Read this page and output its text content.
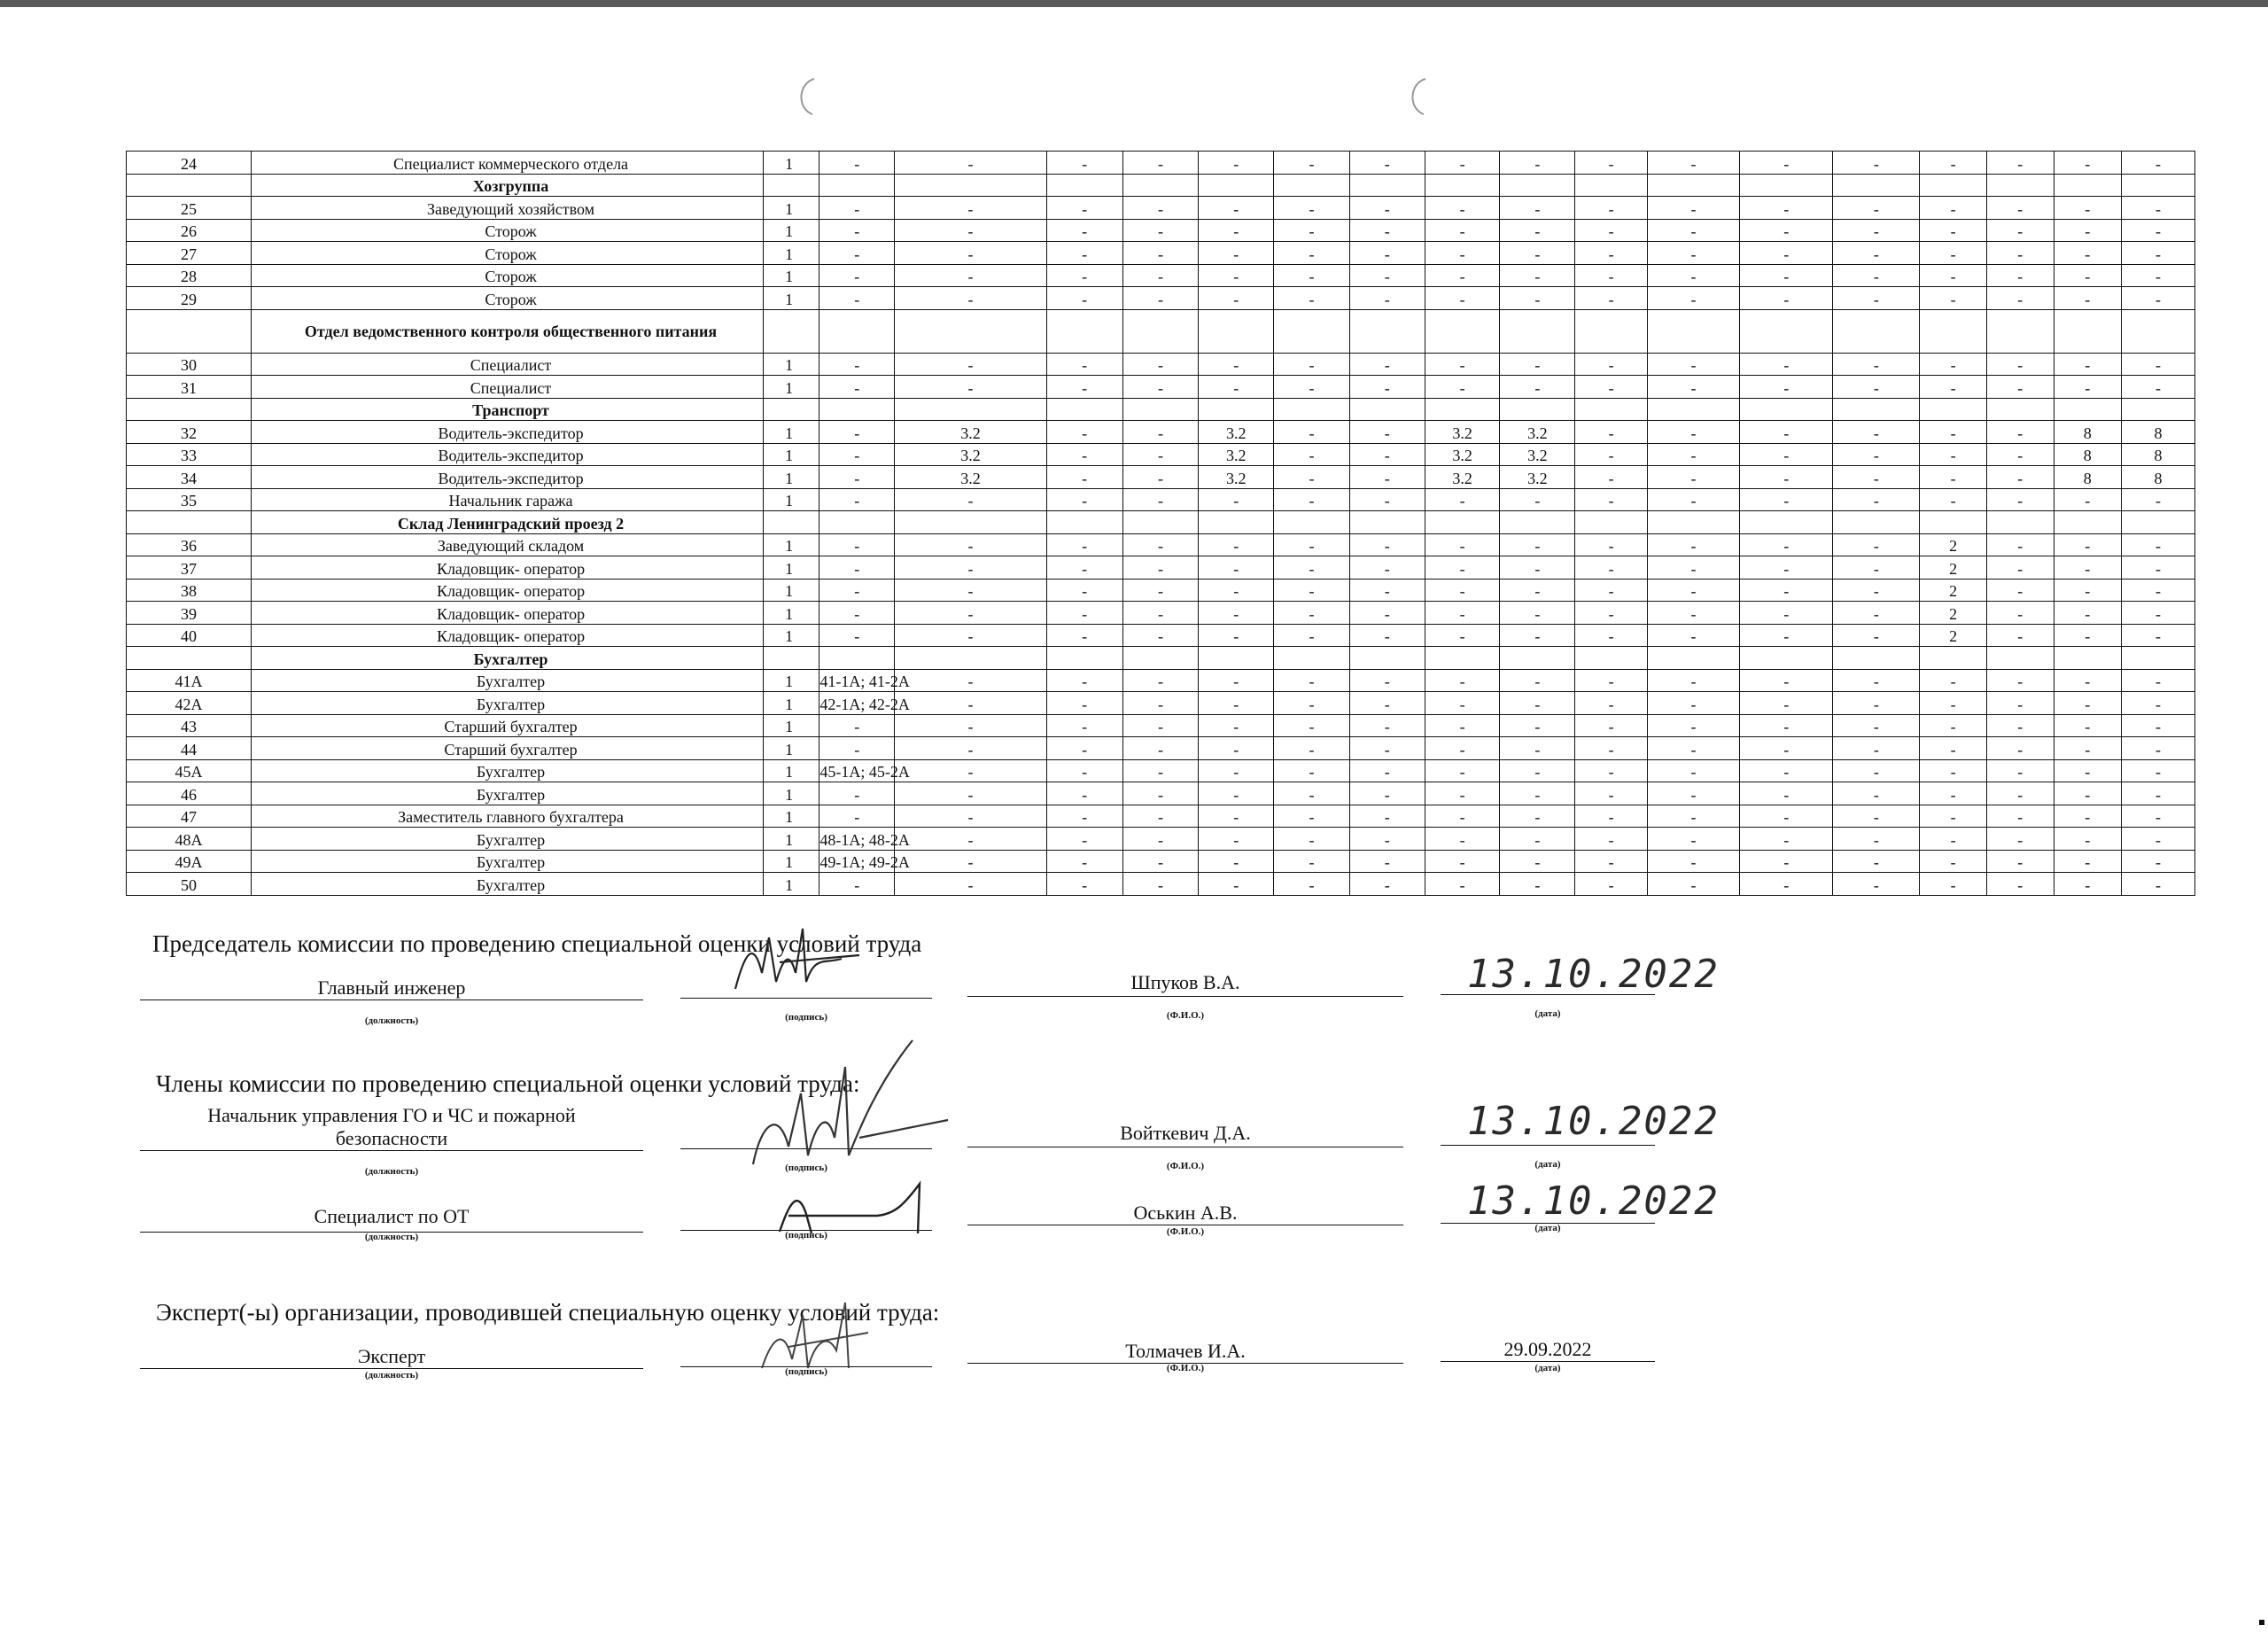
24	Специалист коммерческого отдела	1	-	-	-	-	-	-	-	-	-	-	-	-	-	-	-	-	-
	Хозгруппа																		
25	Заведующий хозяйством	1	-	-	-	-	-	-	-	-	-	-	-	-	-	-	-	-	-
26	Сторож	1	-	-	-	-	-	-	-	-	-	-	-	-	-	-	-	-	-
27	Сторож	1	-	-	-	-	-	-	-	-	-	-	-	-	-	-	-	-	-
28	Сторож	1	-	-	-	-	-	-	-	-	-	-	-	-	-	-	-	-	-
29	Сторож	1	-	-	-	-	-	-	-	-	-	-	-	-	-	-	-	-	-
	Отдел ведомственного контроля общественного питания																		
30	Специалист	1	-	-	-	-	-	-	-	-	-	-	-	-	-	-	-	-	-
31	Специалист	1	-	-	-	-	-	-	-	-	-	-	-	-	-	-	-	-	-
	Транспорт																		
32	Водитель-экспедитор	1	-	3.2	-	-	3.2	-	-	3.2	3.2	-	-	-	-	-	-	8	8
33	Водитель-экспедитор	1	-	3.2	-	-	3.2	-	-	3.2	3.2	-	-	-	-	-	-	8	8
34	Водитель-экспедитор	1	-	3.2	-	-	3.2	-	-	3.2	3.2	-	-	-	-	-	-	8	8
35	Начальник гаража	1	-	-	-	-	-	-	-	-	-	-	-	-	-	-	-	-	-
	Склад Ленинградский проезд 2																		
36	Заведующий складом	1	-	-	-	-	-	-	-	-	-	-	-	-	-	2	-	-	-
37	Кладовщик- оператор	1	-	-	-	-	-	-	-	-	-	-	-	-	-	2	-	-	-
38	Кладовщик- оператор	1	-	-	-	-	-	-	-	-	-	-	-	-	-	2	-	-	-
39	Кладовщик- оператор	1	-	-	-	-	-	-	-	-	-	-	-	-	-	2	-	-	-
40	Кладовщик- оператор	1	-	-	-	-	-	-	-	-	-	-	-	-	-	2	-	-	-
	Бухгалтер																		
41А	Бухгалтер	1	41-1А; 41-2А	-	-	-	-	-	-	-	-	-	-	-	-	-	-	-	-
42А	Бухгалтер	1	42-1А; 42-2А	-	-	-	-	-	-	-	-	-	-	-	-	-	-	-	-
43	Старший бухгалтер	1	-	-	-	-	-	-	-	-	-	-	-	-	-	-	-	-	-
44	Старший бухгалтер	1	-	-	-	-	-	-	-	-	-	-	-	-	-	-	-	-	-
45А	Бухгалтер	1	45-1А; 45-2А	-	-	-	-	-	-	-	-	-	-	-	-	-	-	-	-
46	Бухгалтер	1	-	-	-	-	-	-	-	-	-	-	-	-	-	-	-	-	-
47	Заместитель главного бухгалтера	1	-	-	-	-	-	-	-	-	-	-	-	-	-	-	-	-	-
48А	Бухгалтер	1	48-1А; 48-2А	-	-	-	-	-	-	-	-	-	-	-	-	-	-	-	-
49А	Бухгалтер	1	49-1А; 49-2А	-	-	-	-	-	-	-	-	-	-	-	-	-	-	-	-
50	Бухгалтер	1	-	-	-	-	-	-	-	-	-	-	-	-	-	-	-	-	-
Председатель комиссии по проведению специальной оценки условий труда
Главный инженер
(должность)	(подпись)
Шпуков В.А.
(Ф.И.О.)
13.10.2022
(дата)
Члены комиссии по проведению специальной оценки условий труда:
Начальник управления ГО и ЧС и пожарной
безопасности
(должность)	(подпись)
Войткевич Д.А.
(Ф.И.О.)
13.10.2022
(дата)
Специалист по ОТ
(должность)	(подпись)
Оськин А.В.
(Ф.И.О.)
13.10.2022
(дата)
Эксперт(-ы) организации, проводившей специальную оценку условий труда:
Эксперт
(должность)	(подпись)
Толмачев И.А.
(Ф.И.О.)
29.09.2022
(дата)
